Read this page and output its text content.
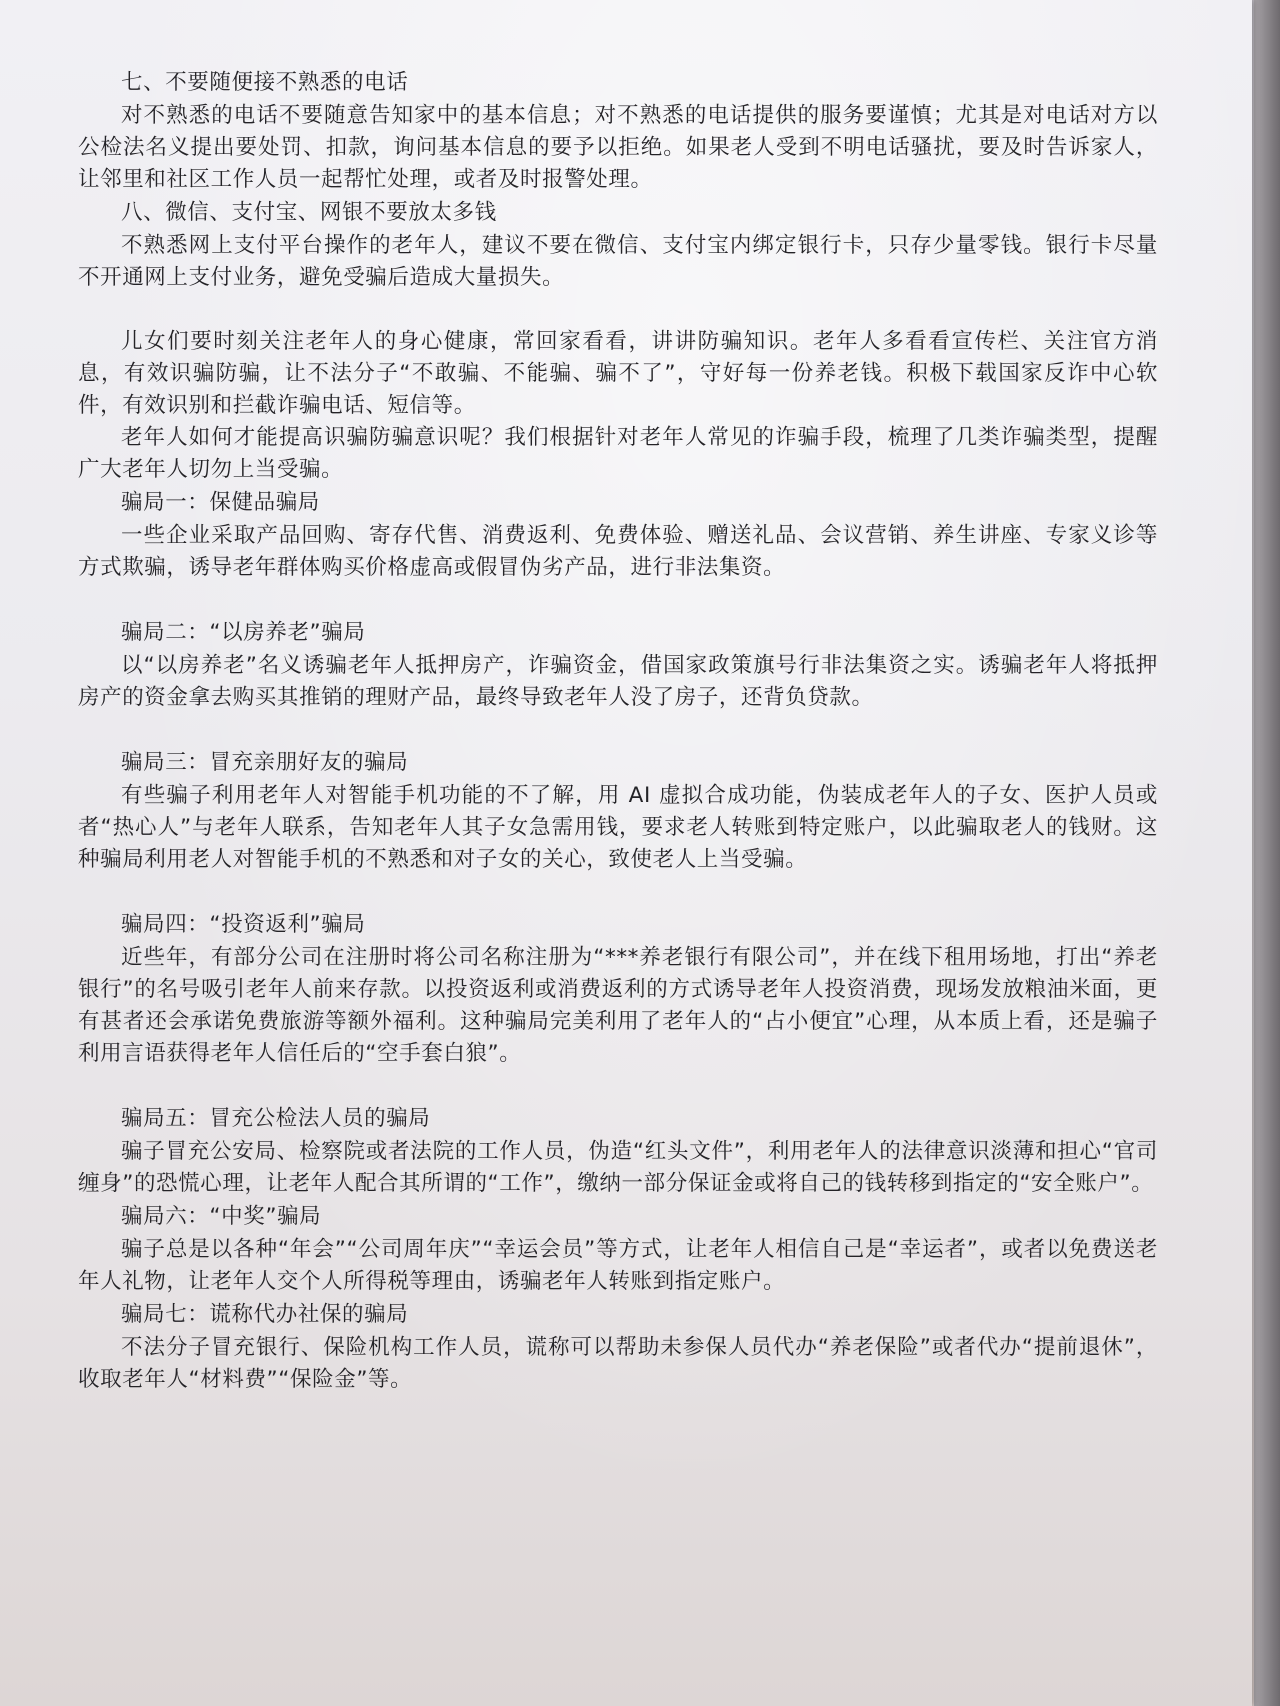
七、不要随便接不熟悉的电话

对不熟悉的电话不要随意告知家中的基本信息；对不熟悉的电话提供的服务要谨慎；尤其是对电话对方以公检法名义提出要处罚、扣款，询问基本信息的要予以拒绝。如果老人受到不明电话骚扰，要及时告诉家人，让邻里和社区工作人员一起帮忙处理，或者及时报警处理。

八、微信、支付宝、网银不要放太多钱

不熟悉网上支付平台操作的老年人，建议不要在微信、支付宝内绑定银行卡，只存少量零钱。银行卡尽量不开通网上支付业务，避免受骗后造成大量损失。

儿女们要时刻关注老年人的身心健康，常回家看看，讲讲防骗知识。老年人多看看宣传栏、关注官方消息，有效识骗防骗，让不法分子“不敢骗、不能骗、骗不了”，守好每一份养老钱。积极下载国家反诈中心软件，有效识别和拦截诈骗电话、短信等。

老年人如何才能提高识骗防骗意识呢？我们根据针对老年人常见的诈骗手段，梳理了几类诈骗类型，提醒广大老年人切勿上当受骗。

骗局一：保健品骗局

一些企业采取产品回购、寄存代售、消费返利、免费体验、赠送礼品、会议营销、养生讲座、专家义诊等方式欺骗，诱导老年群体购买价格虚高或假冒伪劣产品，进行非法集资。

骗局二：“以房养老”骗局

以“以房养老”名义诱骗老年人抵押房产，诈骗资金，借国家政策旗号行非法集资之实。诱骗老年人将抵押房产的资金拿去购买其推销的理财产品，最终导致老年人没了房子，还背负贷款。

骗局三：冒充亲朋好友的骗局

有些骗子利用老年人对智能手机功能的不了解，用 AI 虚拟合成功能，伪装成老年人的子女、医护人员或者“热心人”与老年人联系，告知老年人其子女急需用钱，要求老人转账到特定账户，以此骗取老人的钱财。这种骗局利用老人对智能手机的不熟悉和对子女的关心，致使老人上当受骗。

骗局四：“投资返利”骗局

近些年，有部分公司在注册时将公司名称注册为“***养老银行有限公司”，并在线下租用场地，打出“养老银行”的名号吸引老年人前来存款。以投资返利或消费返利的方式诱导老年人投资消费，现场发放粮油米面，更有甚者还会承诺免费旅游等额外福利。这种骗局完美利用了老年人的“占小便宜”心理，从本质上看，还是骗子利用言语获得老年人信任后的“空手套白狼”。

骗局五：冒充公检法人员的骗局

骗子冒充公安局、检察院或者法院的工作人员，伪造“红头文件”，利用老年人的法律意识淡薄和担心“官司缠身”的恐慌心理，让老年人配合其所谓的“工作”，缴纳一部分保证金或将自己的钱转移到指定的“安全账户”。

骗局六：“中奖”骗局

骗子总是以各种“年会”“公司周年庆”“幸运会员”等方式，让老年人相信自己是“幸运者”，或者以免费送老年人礼物，让老年人交个人所得税等理由，诱骗老年人转账到指定账户。

骗局七：谎称代办社保的骗局

不法分子冒充银行、保险机构工作人员，谎称可以帮助未参保人员代办“养老保险”或者代办“提前退休”，收取老年人“材料费”“保险金”等。
